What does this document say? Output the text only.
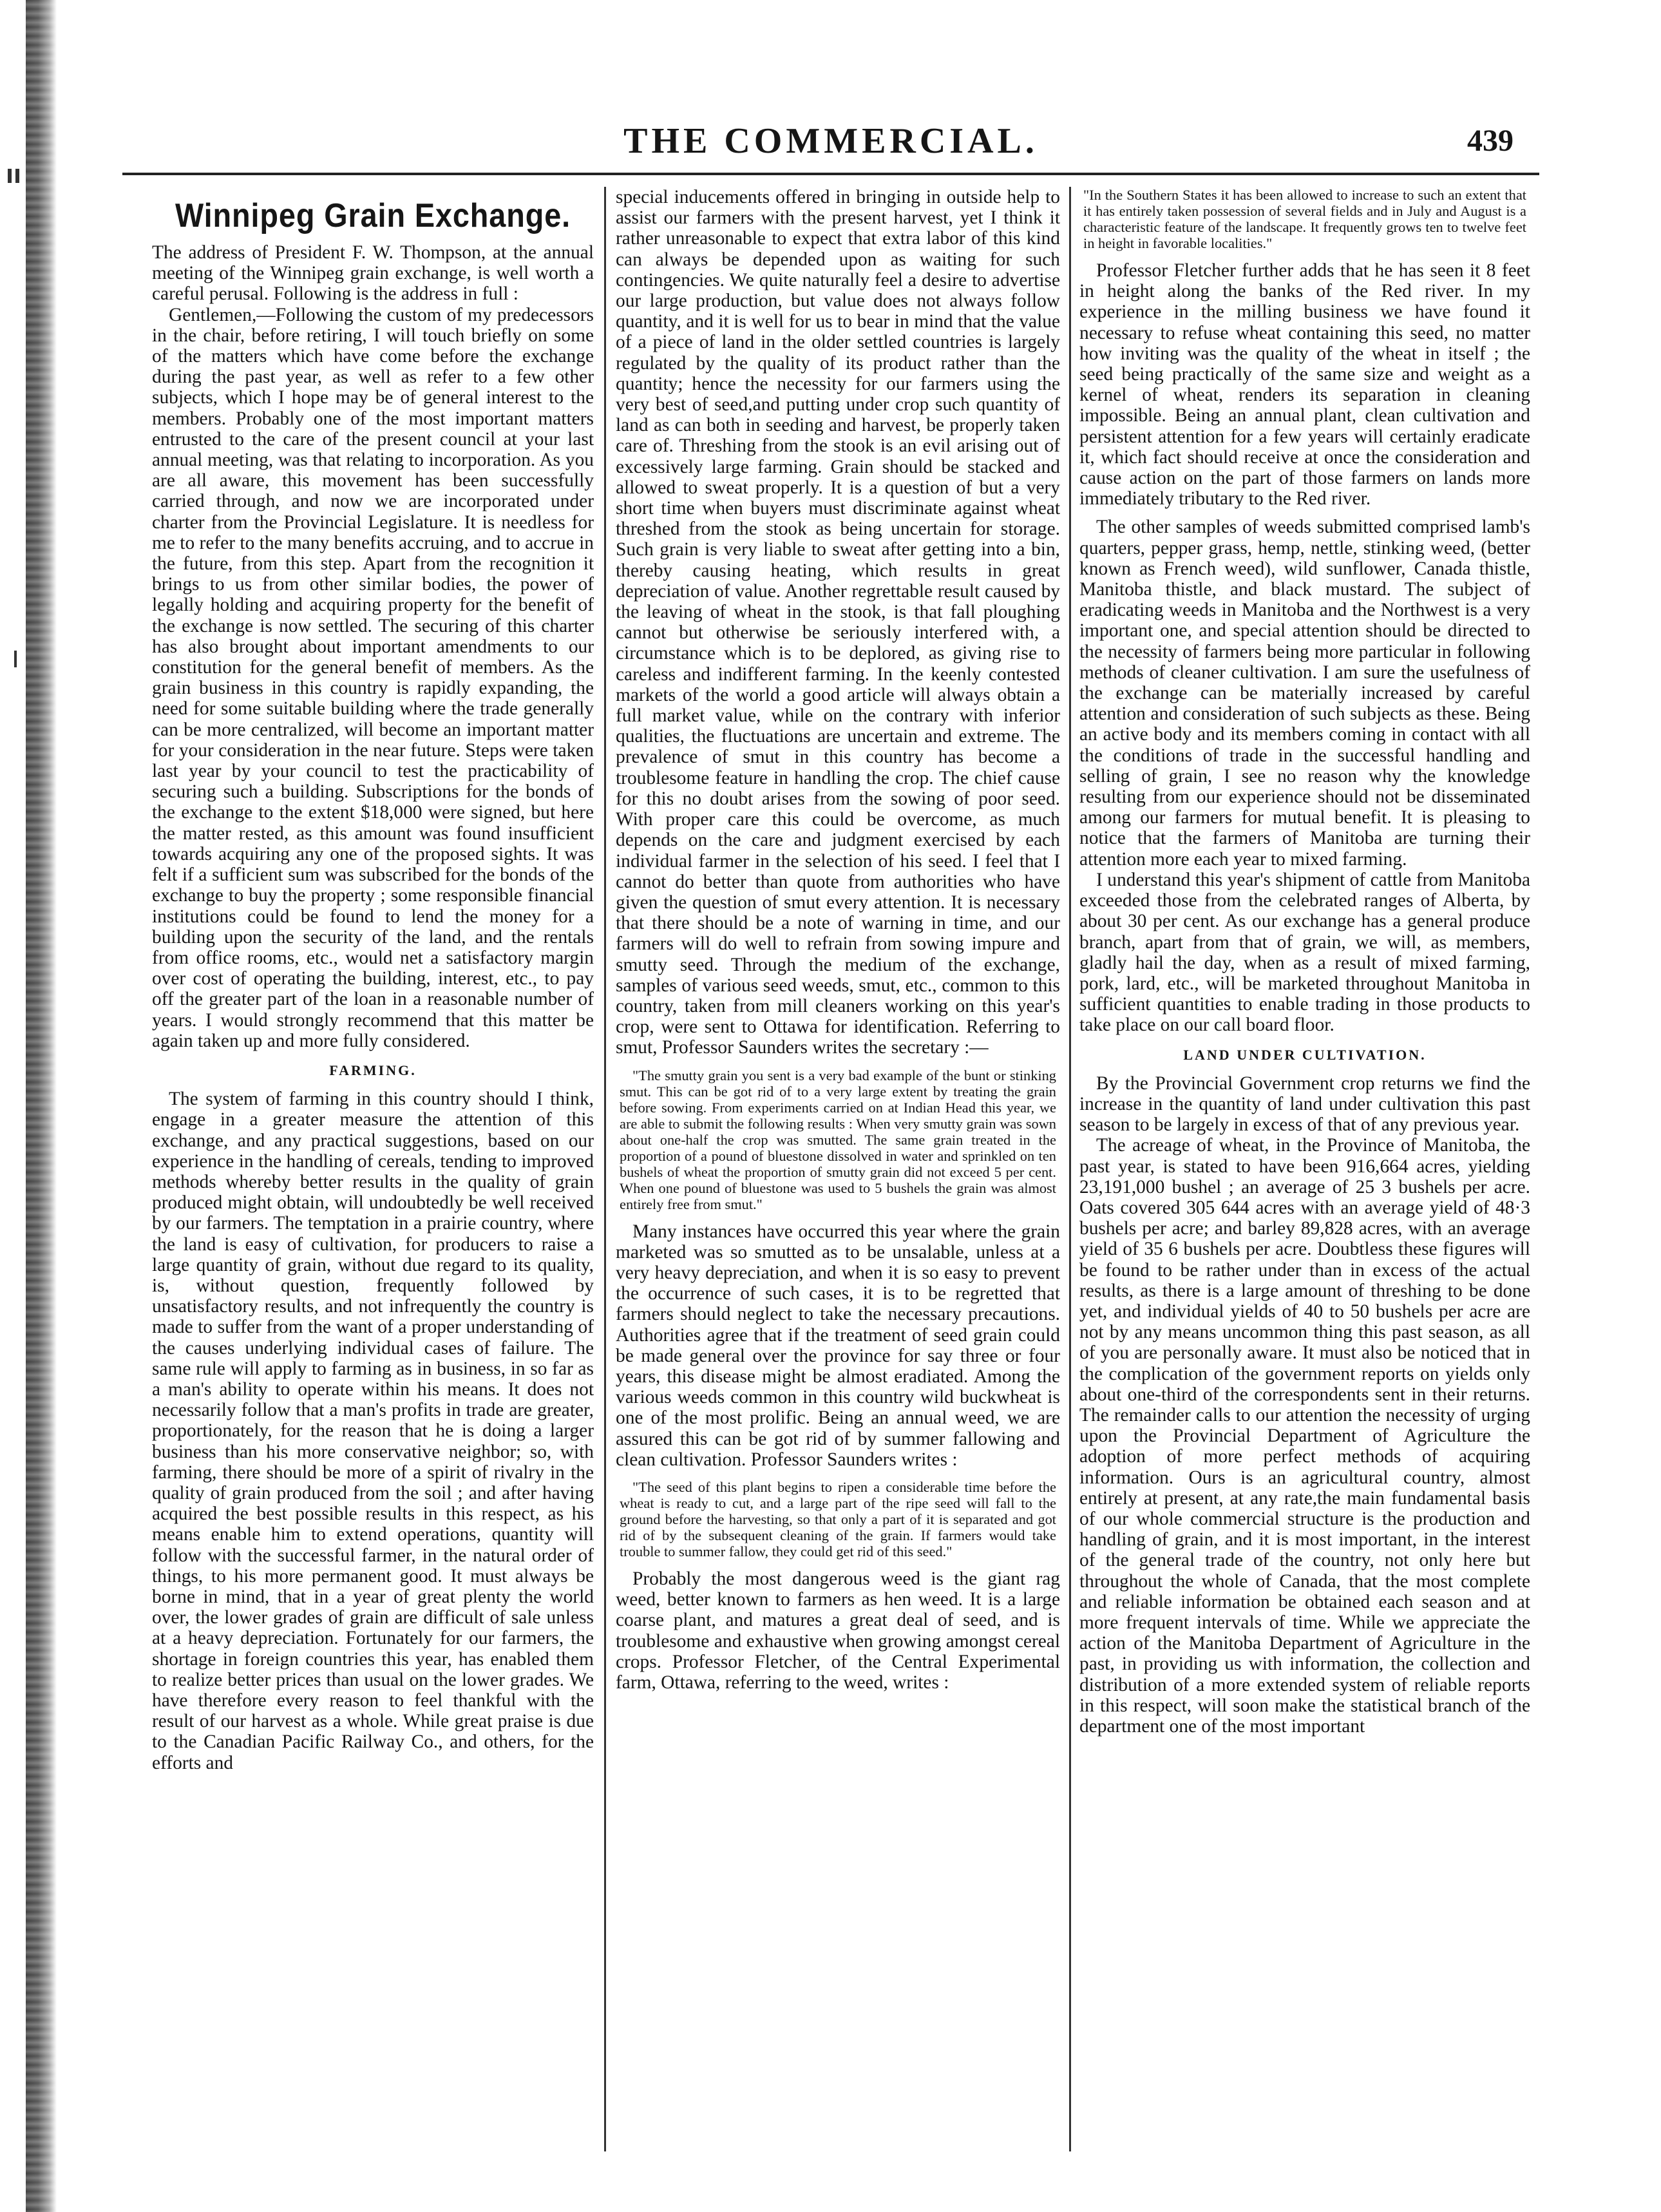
THE COMMERCIAL.	439
Winnipeg Grain Exchange.

The address of President F. W. Thompson, at the annual meeting of the Winnipeg grain exchange, is well worth a careful perusal. Following is the address in full :

Gentlemen,—Following the custom of my predecessors in the chair, before retiring, I will touch briefly on some of the matters which have come before the exchange during the past year, as well as refer to a few other subjects, which I hope may be of general interest to the members. Probably one of the most important matters entrusted to the care of the present council at your last annual meeting, was that relating to incorporation. As you are all aware, this movement has been successfully carried through, and now we are incorporated under charter from the Provincial Legislature. It is needless for me to refer to the many benefits accruing, and to accrue in the future, from this step. Apart from the recognition it brings to us from other similar bodies, the power of legally holding and acquiring property for the benefit of the exchange is now settled. The securing of this charter has also brought about important amendments to our constitution for the general benefit of members. As the grain business in this country is rapidly expanding, the need for some suitable building where the trade generally can be more centralized, will become an important matter for your consideration in the near future. Steps were taken last year by your council to test the practicability of securing such a building. Subscriptions for the bonds of the exchange to the extent $18,000 were signed, but here the matter rested, as this amount was found insufficient towards acquiring any one of the proposed sights. It was felt if a sufficient sum was subscribed for the bonds of the exchange to buy the property ; some responsible financial institutions could be found to lend the money for a building upon the security of the land, and the rentals from office rooms, etc., would net a satisfactory margin over cost of operating the building, interest, etc., to pay off the greater part of the loan in a reasonable number of years. I would strongly recommend that this matter be again taken up and more fully considered.

FARMING.

The system of farming in this country should I think, engage in a greater measure the attention of this exchange, and any practical suggestions, based on our experience in the handling of cereals, tending to improved methods whereby better results in the quality of grain produced might obtain, will undoubtedly be well received by our farmers. The temptation in a prairie country, where the land is easy of cultivation, for producers to raise a large quantity of grain, without due regard to its quality, is, without question, frequently followed by unsatisfactory results, and not infrequently the country is made to suffer from the want of a proper understanding of the causes underlying individual cases of failure. The same rule will apply to farming as in business, in so far as a man's ability to operate within his means. It does not necessarily follow that a man's profits in trade are greater, proportionately, for the reason that he is doing a larger business than his more conservative neighbor; so, with farming, there should be more of a spirit of rivalry in the quality of grain produced from the soil ; and after having acquired the best possible results in this respect, as his means enable him to extend operations, quantity will follow with the successful farmer, in the natural order of things, to his more permanent good. It must always be borne in mind, that in a year of great plenty the world over, the lower grades of grain are difficult of sale unless at a heavy depreciation. Fortunately for our farmers, the shortage in foreign countries this year, has enabled them to realize better prices than usual on the lower grades. We have therefore every reason to feel thankful with the result of our harvest as a whole. While great praise is due to the Canadian Pacific Railway Co., and others, for the efforts and

special inducements offered in bringing in outside help to assist our farmers with the present harvest, yet I think it rather unreasonable to expect that extra labor of this kind can always be depended upon as waiting for such contingencies. We quite naturally feel a desire to advertise our large production, but value does not always follow quantity, and it is well for us to bear in mind that the value of a piece of land in the older settled countries is largely regulated by the quality of its product rather than the quantity; hence the necessity for our farmers using the very best of seed,and putting under crop such quantity of land as can both in seeding and harvest, be properly taken care of. Threshing from the stook is an evil arising out of excessively large farming. Grain should be stacked and allowed to sweat properly. It is a question of but a very short time when buyers must discriminate against wheat threshed from the stook as being uncertain for storage. Such grain is very liable to sweat after getting into a bin, thereby causing heating, which results in great depreciation of value. Another regrettable result caused by the leaving of wheat in the stook, is that fall ploughing cannot but otherwise be seriously interfered with, a circumstance which is to be deplored, as giving rise to careless and indifferent farming. In the keenly contested markets of the world a good article will always obtain a full market value, while on the contrary with inferior qualities, the fluctuations are uncertain and extreme. The prevalence of smut in this country has become a troublesome feature in handling the crop. The chief cause for this no doubt arises from the sowing of poor seed. With proper care this could be overcome, as much depends on the care and judgment exercised by each individual farmer in the selection of his seed. I feel that I cannot do better than quote from authorities who have given the question of smut every attention. It is necessary that there should be a note of warning in time, and our farmers will do well to refrain from sowing impure and smutty seed. Through the medium of the exchange, samples of various seed weeds, smut, etc., common to this country, taken from mill cleaners working on this year's crop, were sent to Ottawa for identification. Referring to smut, Professor Saunders writes the secretary :—

"The smutty grain you sent is a very bad example of the bunt or stinking smut. This can be got rid of to a very large extent by treating the grain before sowing. From experiments carried on at Indian Head this year, we are able to submit the following results : When very smutty grain was sown about one-half the crop was smutted. The same grain treated in the proportion of a pound of bluestone dissolved in water and sprinkled on ten bushels of wheat the proportion of smutty grain did not exceed 5 per cent. When one pound of bluestone was used to 5 bushels the grain was almost entirely free from smut."

Many instances have occurred this year where the grain marketed was so smutted as to be unsalable, unless at a very heavy depreciation, and when it is so easy to prevent the occurrence of such cases, it is to be regretted that farmers should neglect to take the necessary precautions. Authorities agree that if the treatment of seed grain could be made general over the province for say three or four years, this disease might be almost eradiated. Among the various weeds common in this country wild buckwheat is one of the most prolific. Being an annual weed, we are assured this can be got rid of by summer fallowing and clean cultivation. Professor Saunders writes :

"The seed of this plant begins to ripen a considerable time before the wheat is ready to cut, and a large part of the ripe seed will fall to the ground before the harvesting, so that only a part of it is separated and got rid of by the subsequent cleaning of the grain. If farmers would take trouble to summer fallow, they could get rid of this seed."

Probably the most dangerous weed is the giant rag weed, better known to farmers as hen weed. It is a large coarse plant, and matures a great deal of seed, and is troublesome and exhaustive when growing amongst cereal crops. Professor Fletcher, of the Central Experimental farm, Ottawa, referring to the weed, writes :

"In the Southern States it has been allowed to increase to such an extent that it has entirely taken possession of several fields and in July and August is a characteristic feature of the landscape. It frequently grows ten to twelve feet in height in favorable localities."

Professor Fletcher further adds that he has seen it 8 feet in height along the banks of the Red river. In my experience in the milling business we have found it necessary to refuse wheat containing this seed, no matter how inviting was the quality of the wheat in itself ; the seed being practically of the same size and weight as a kernel of wheat, renders its separation in cleaning impossible. Being an annual plant, clean cultivation and persistent attention for a few years will certainly eradicate it, which fact should receive at once the consideration and cause action on the part of those farmers on lands more immediately tributary to the Red river.

The other samples of weeds submitted comprised lamb's quarters, pepper grass, hemp, nettle, stinking weed, (better known as French weed), wild sunflower, Canada thistle, Manitoba thistle, and black mustard. The subject of eradicating weeds in Manitoba and the Northwest is a very important one, and special attention should be directed to the necessity of farmers being more particular in following methods of cleaner cultivation. I am sure the usefulness of the exchange can be materially increased by careful attention and consideration of such subjects as these. Being an active body and its members coming in contact with all the conditions of trade in the successful handling and selling of grain, I see no reason why the knowledge resulting from our experience should not be disseminated among our farmers for mutual benefit. It is pleasing to notice that the farmers of Manitoba are turning their attention more each year to mixed farming.

I understand this year's shipment of cattle from Manitoba exceeded those from the celebrated ranges of Alberta, by about 30 per cent. As our exchange has a general produce branch, apart from that of grain, we will, as members, gladly hail the day, when as a result of mixed farming, pork, lard, etc., will be marketed throughout Manitoba in sufficient quantities to enable trading in those products to take place on our call board floor.

LAND UNDER CULTIVATION.

By the Provincial Government crop returns we find the increase in the quantity of land under cultivation this past season to be largely in excess of that of any previous year.

The acreage of wheat, in the Province of Manitoba, the past year, is stated to have been 916,664 acres, yielding 23,191,000 bushel ; an average of 25 3 bushels per acre. Oats covered 305 644 acres with an average yield of 48·3 bushels per acre; and barley 89,828 acres, with an average yield of 35 6 bushels per acre. Doubtless these figures will be found to be rather under than in excess of the actual results, as there is a large amount of threshing to be done yet, and individual yields of 40 to 50 bushels per acre are not by any means uncommon thing this past season, as all of you are personally aware. It must also be noticed that in the complication of the government reports on yields only about one-third of the correspondents sent in their returns. The remainder calls to our attention the necessity of urging upon the Provincial Department of Agriculture the adoption of more perfect methods of acquiring information. Ours is an agricultural country, almost entirely at present, at any rate,the main fundamental basis of our whole commercial structure is the production and handling of grain, and it is most important, in the interest of the general trade of the country, not only here but throughout the whole of Canada, that the most complete and reliable information be obtained each season and at more frequent intervals of time. While we appreciate the action of the Manitoba Department of Agriculture in the past, in providing us with information, the collection and distribution of a more extended system of reliable reports in this respect, will soon make the statistical branch of the department one of the most important
